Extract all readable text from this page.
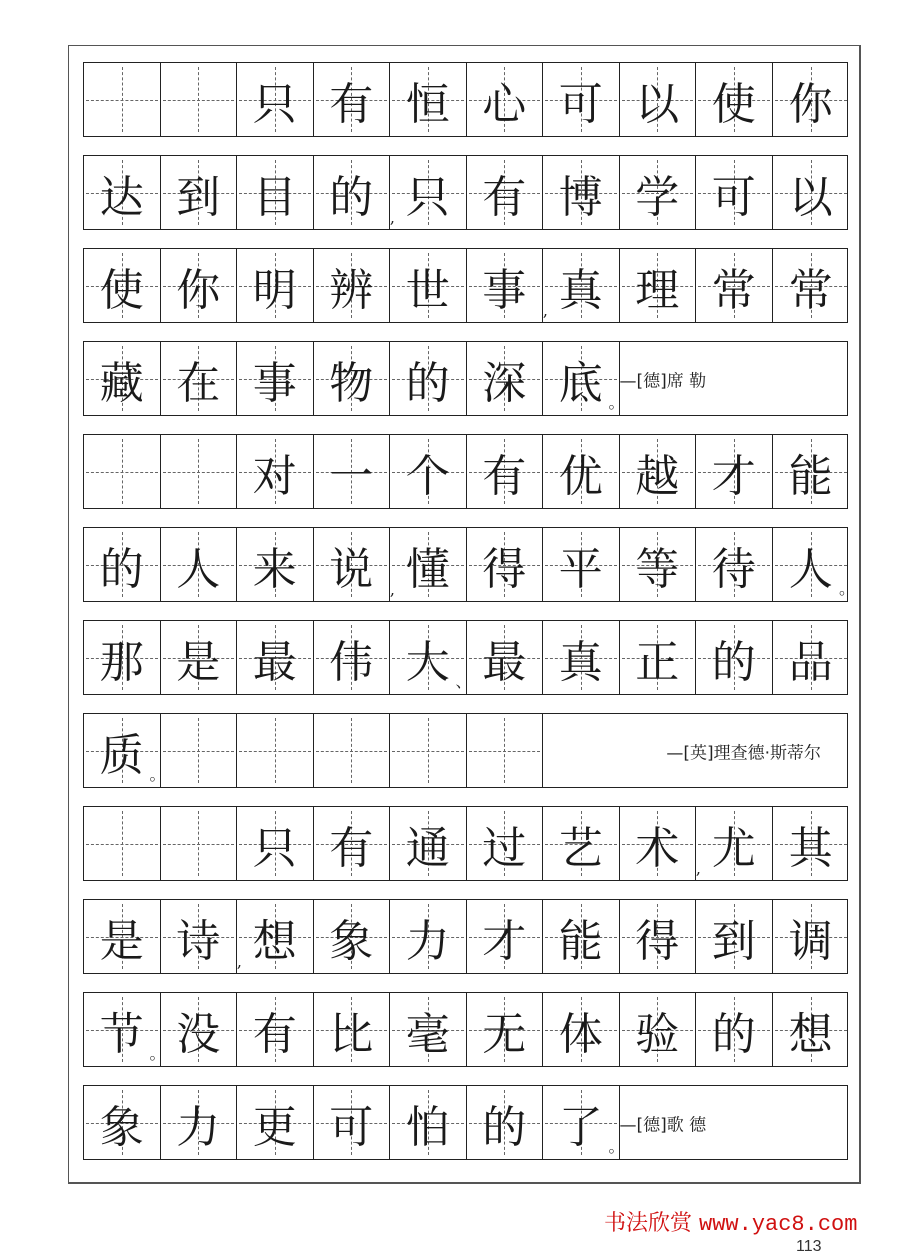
只 有 恒 心 可 以 使 你
达 到 目 的	, 只 有 博 学 可 以
使 你 明 辨 世 事	, 真 理 常 常
藏 在 事 物 的 深 底 。
—[德]席 勒
对 一 个 有 优 越 才 能
的 人 来 说	, 懂 得 平 等 待 人 。
那 是 最 伟 大 、 最 真 正 的 品
质 。
—[英]理查德·斯蒂尔
只 有 通 过 艺 术	, 尤 其
是 诗	, 想 象 力 才 能 得 到 调
节 。 没 有 比 毫 无 体 验 的 想
象 力 更 可 怕 的 了 。
—[德]歌 德
书法欣赏 www.yac8.com
113
